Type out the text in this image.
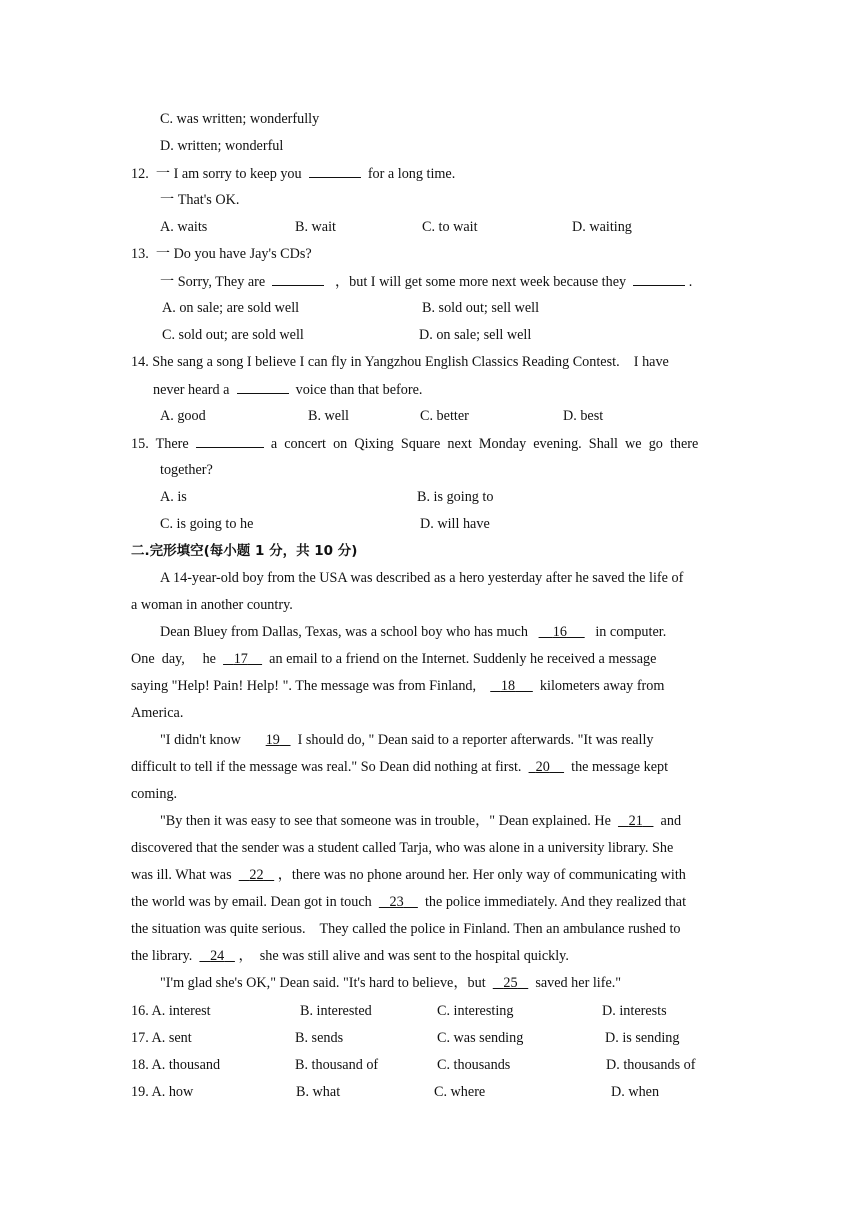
C. was written; wonderfully
D. written; wonderful
12. 一 I am sorry to keep you	for a long time.
一 That's OK.
A. waits	B. wait	C. to wait	D. waiting
13. 一 Do you have Jay's CDs?
一 Sorry, They are	，but I will get some more next week because they	.
A. on sale; are sold well	B. sold out; sell well
C. sold out; are sold well	D. on sale; sell well
14. She sang a song I believe I can fly in Yangzhou English Classics Reading Contest.    I have
never heard a	voice than that before.
A. good	B. well	C. better	D. best
15.  There	a  concert  on  Qixing  Square  next  Monday  evening.  Shall  we  go  there
together?
A. is	B. is going to
C. is going to he	D. will have
二.完形填空(每小题 1 分，共 10 分)
A 14-year-old boy from the USA was described as a hero yesterday after he saved the life of
a woman in another country.
Dean Bluey from Dallas, Texas, was a school boy who has much 16 in computer.
One  day,     he 17 an email to a friend on the Internet. Suddenly he received a message
saying "Help! Pain! Help! ". The message was from Finland, 18 kilometers away from
America.
"I didn't know 19 I should do, " Dean said to a reporter afterwards. "It was really
difficult to tell if the message was real." So Dean did nothing at first. 20 the message kept
coming.
"By then it was easy to see that someone was in trouble，" Dean explained. He 21 and
discovered that the sender was a student called Tarja, who was alone in a university library. She
was ill. What was 22 ，there was no phone around her. Her only way of communicating with
the world was by email. Dean got in touch 23 the police immediately. And they realized that
the situation was quite serious.    They called the police in Finland. Then an ambulance rushed to
the library. 24 ，  she was still alive and was sent to the hospital quickly.
"I'm glad she's OK," Dean said. "It's hard to believe，but 25 saved her life."
16. A. interest	B. interested	C. interesting	D. interests
17. A. sent	B. sends	C. was sending	D. is sending
18. A. thousand	B. thousand of	C. thousands	D. thousands of
19. A. how	B. what	C. where	D. when
